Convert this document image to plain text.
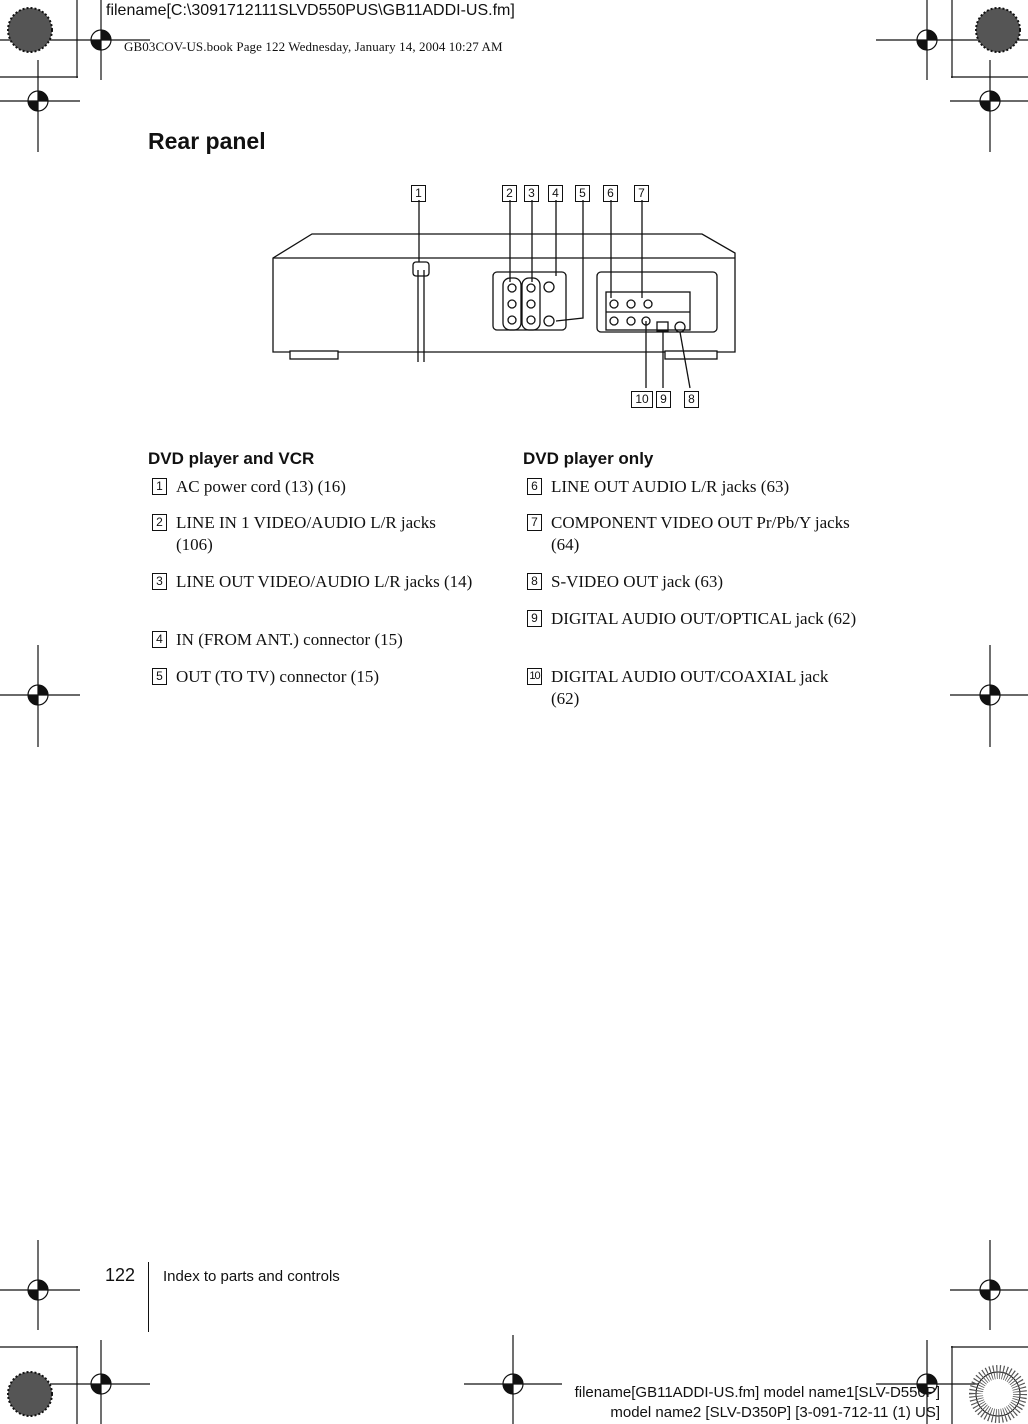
1	2	3	4	5	6	7
10 9	8
filename[C:\3091712111SLVD550PUS\GB11ADDI-US.fm]
GB03COV-US.book Page 122 Wednesday, January 14, 2004 10:27 AM
Rear panel
DVD player and VCR	DVD player only
1 AC power cord (13) (16)
2 LINE IN 1 VIDEO/AUDIO L/R jacks (106)
3 LINE OUT VIDEO/AUDIO L/R jacks (14)
4 IN (FROM ANT.) connector (15)
5 OUT (TO TV) connector (15)
6 LINE OUT AUDIO L/R jacks (63)
7 COMPONENT VIDEO OUT Pr/Pb/Y jacks (64)
8 S-VIDEO OUT jack (63)
9 DIGITAL AUDIO OUT/OPTICAL jack (62)
10 DIGITAL AUDIO OUT/COAXIAL jack (62)
122 Index to parts and controls
filename[GB11ADDI-US.fm] model name1[SLV-D550P]
model name2 [SLV-D350P] [3-091-712-11 (1) US]
